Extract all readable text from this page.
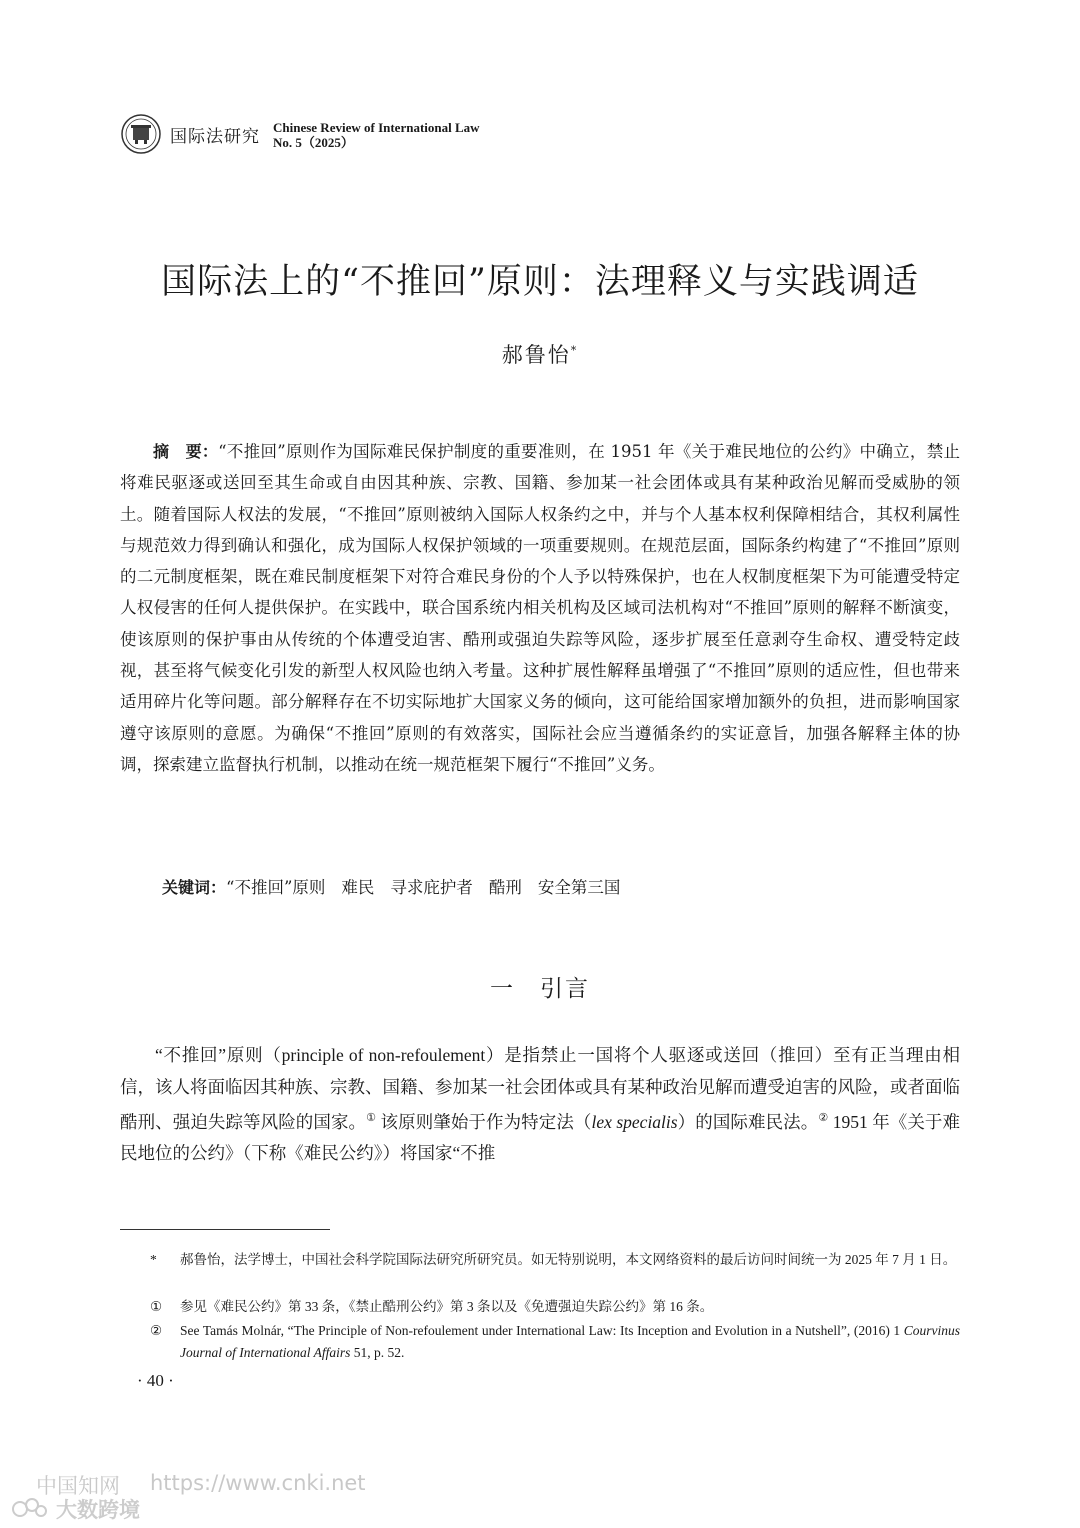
国际法研究 Chinese Review of International Law
No. 5（2025）
国际法上的“不推回”原则：法理释义与实践调适
郝鲁怡*

摘　要：“不推回”原则作为国际难民保护制度的重要准则，在 1951 年《关于难民地位的公约》中确立，禁止将难民驱逐或送回至其生命或自由因其种族、宗教、国籍、参加某一社会团体或具有某种政治见解而受威胁的领土。随着国际人权法的发展，“不推回”原则被纳入国际人权条约之中，并与个人基本权利保障相结合，其权利属性与规范效力得到确认和强化，成为国际人权保护领域的一项重要规则。在规范层面，国际条约构建了“不推回”原则的二元制度框架，既在难民制度框架下对符合难民身份的个人予以特殊保护，也在人权制度框架下为可能遭受特定人权侵害的任何人提供保护。在实践中，联合国系统内相关机构及区域司法机构对“不推回”原则的解释不断演变，使该原则的保护事由从传统的个体遭受迫害、酷刑或强迫失踪等风险，逐步扩展至任意剥夺生命权、遭受特定歧视，甚至将气候变化引发的新型人权风险也纳入考量。这种扩展性解释虽增强了“不推回”原则的适应性，但也带来适用碎片化等问题。部分解释存在不切实际地扩大国家义务的倾向，这可能给国家增加额外的负担，进而影响国家遵守该原则的意愿。为确保“不推回”原则的有效落实，国际社会应当遵循条约的实证意旨，加强各解释主体的协调，探索建立监督执行机制，以推动在统一规范框架下履行“不推回”义务。

关键词：“不推回”原则 难民 寻求庇护者 酷刑 安全第三国
一　引言

“不推回”原则（principle of non-refoulement）是指禁止一国将个人驱逐或送回（推回）至有正当理由相信，该人将面临因其种族、宗教、国籍、参加某一社会团体或具有某种政治见解而遭受迫害的风险，或者面临酷刑、强迫失踪等风险的国家。① 该原则肇始于作为特定法（lex specialis）的国际难民法。② 1951 年《关于难民地位的公约》（下称《难民公约》）将国家“不推

*	郝鲁怡，法学博士，中国社会科学院国际法研究所研究员。如无特别说明，本文网络资料的最后访问时间统一为 2025 年 7 月 1 日。
①	参见《难民公约》第 33 条，《禁止酷刑公约》第 3 条以及《免遭强迫失踪公约》第 16 条。
②	See Tamás Molnár, “The Principle of Non-refoulement under International Law: Its Inception and Evolution in a Nutshell”, (2016) 1 Courvinus Journal of International Affairs 51, p. 52.
· 40 ·
中国知网 https://www.cnki.net
大数跨境
